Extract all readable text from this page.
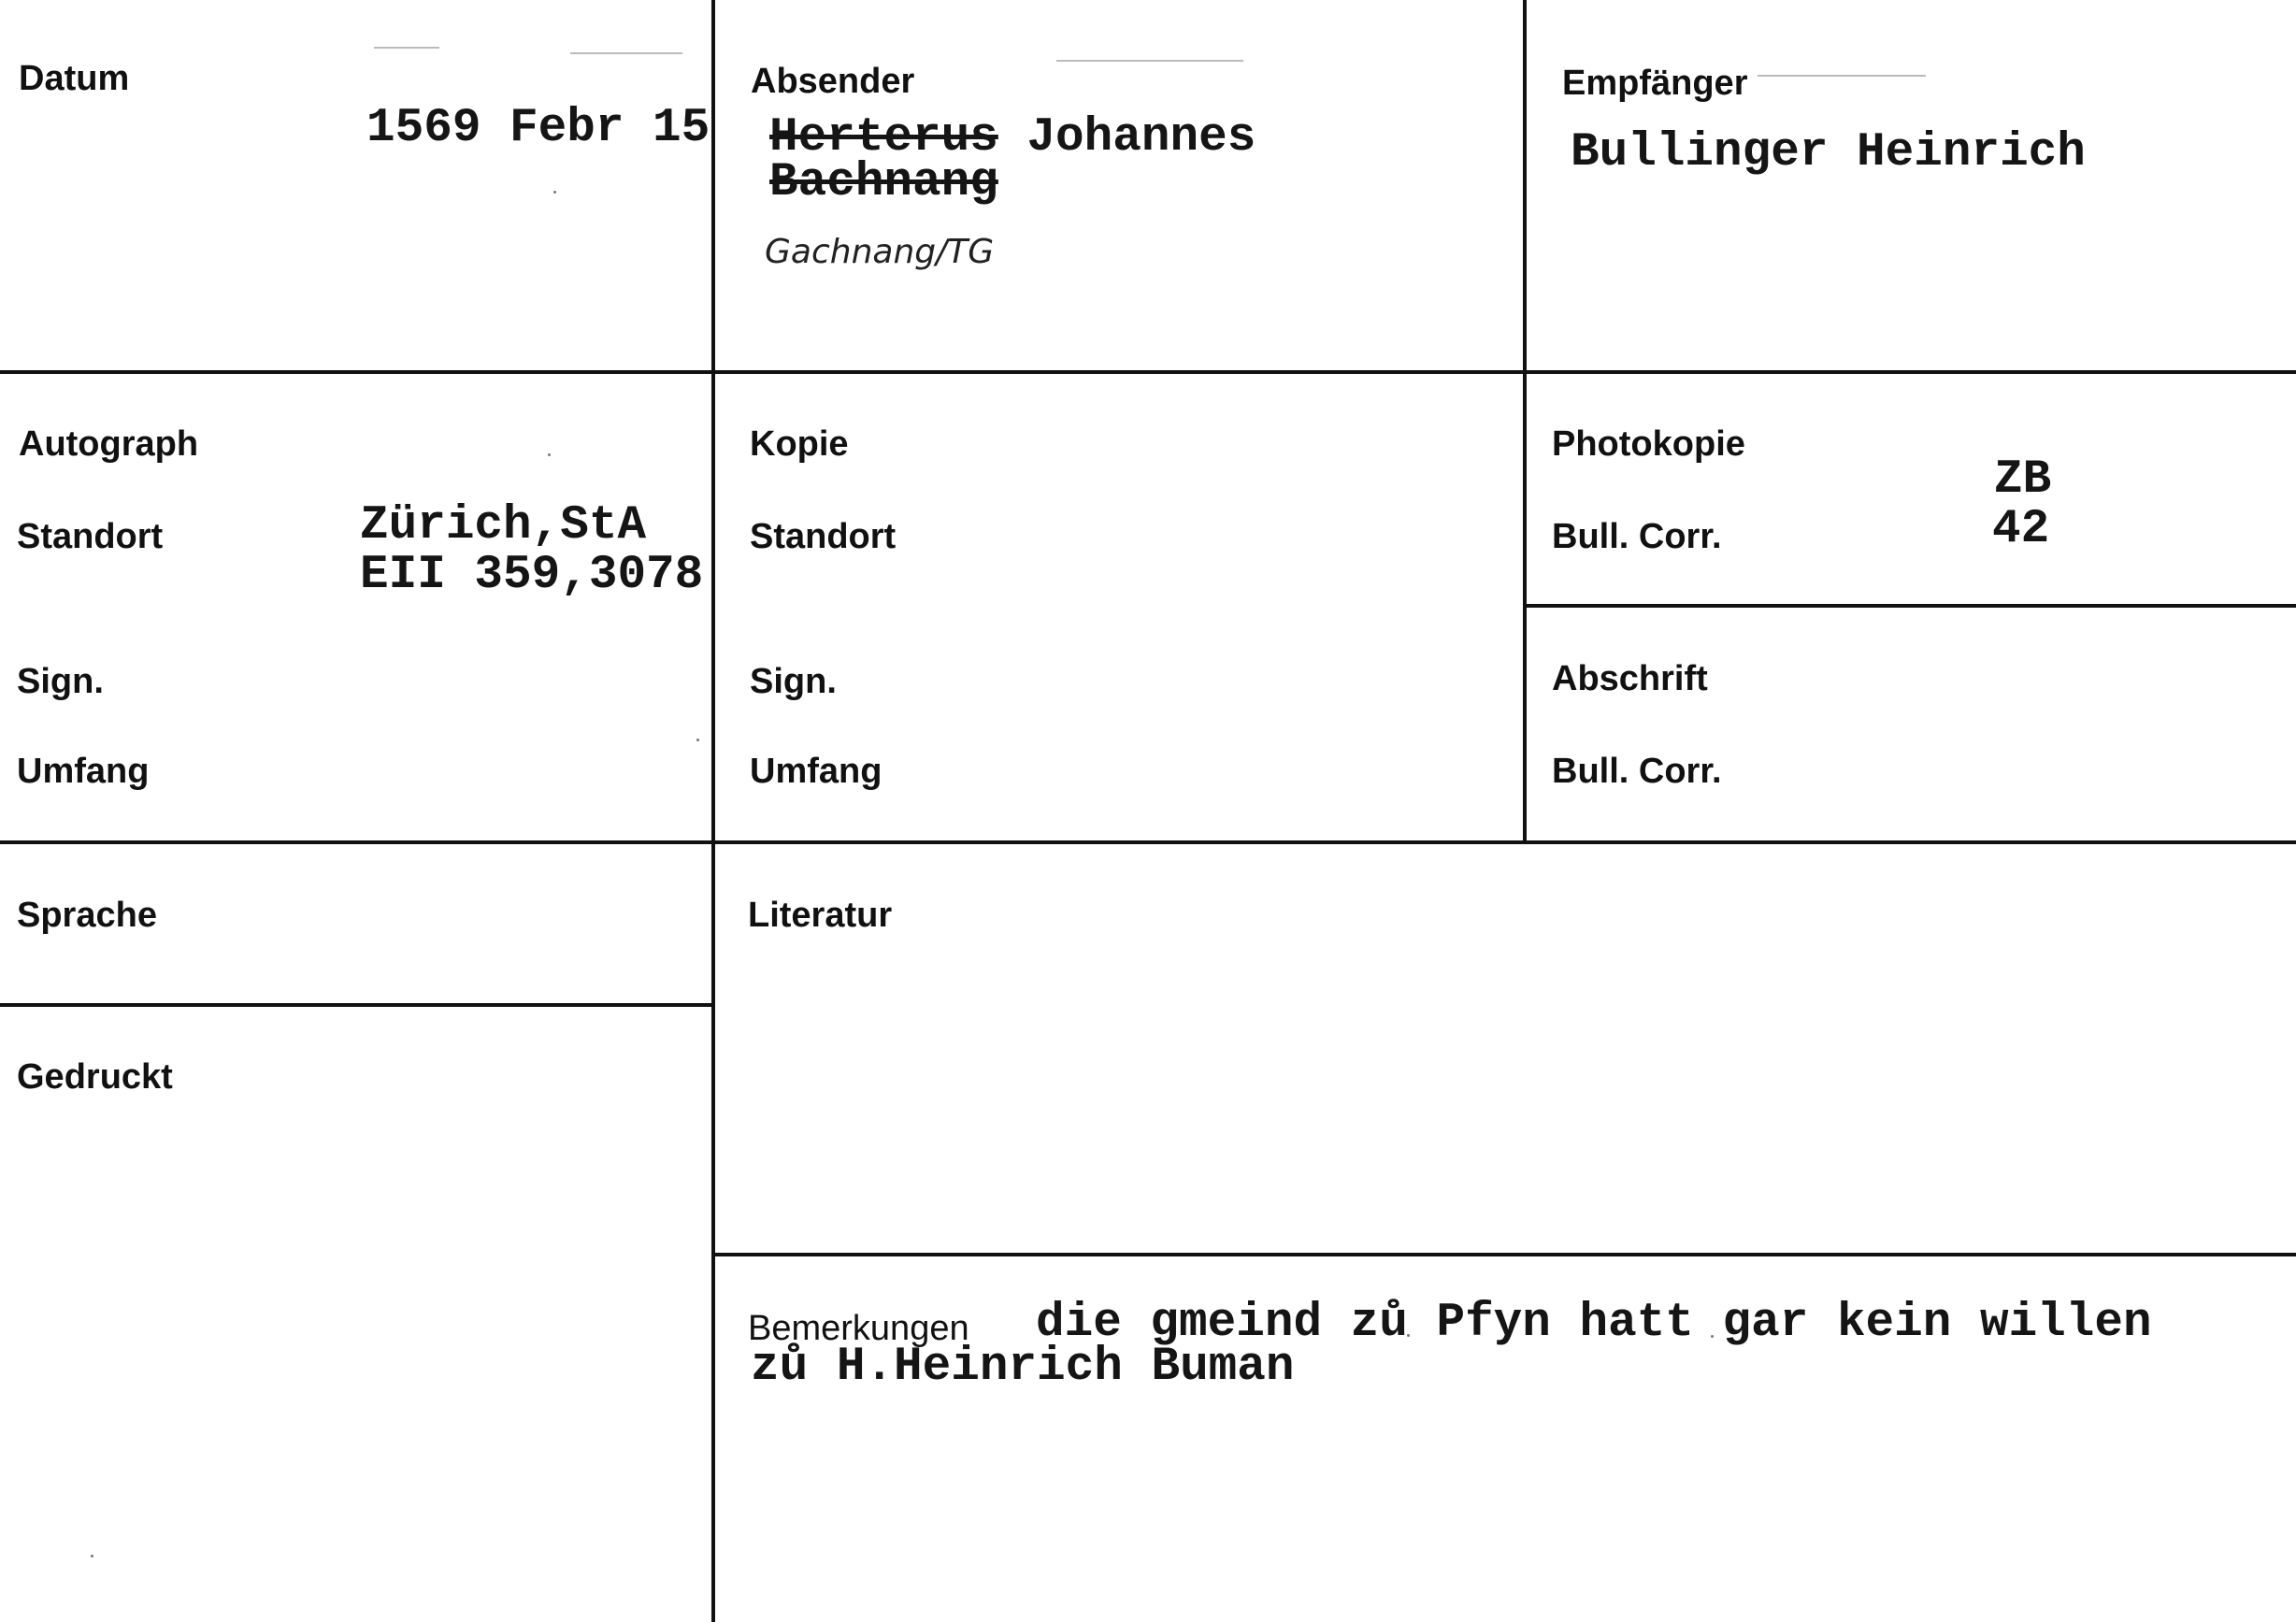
Datum
1569 Febr 15
Absender
Herterus Johannes
Bachnang
Gachnang/TG
Empfänger
Bullinger Heinrich
Autograph
Standort
Sign.
Umfang
Zürich,StA
EII 359,3078
Kopie
Standort
Sign.
Umfang
Photokopie
Bull. Corr.
ZB
42
Abschrift
Bull. Corr.
Sprache
Gedruckt
Literatur
Bemerkungen die gmeind zů Pfyn hatt gar kein willen
zů H.Heinrich Buman
